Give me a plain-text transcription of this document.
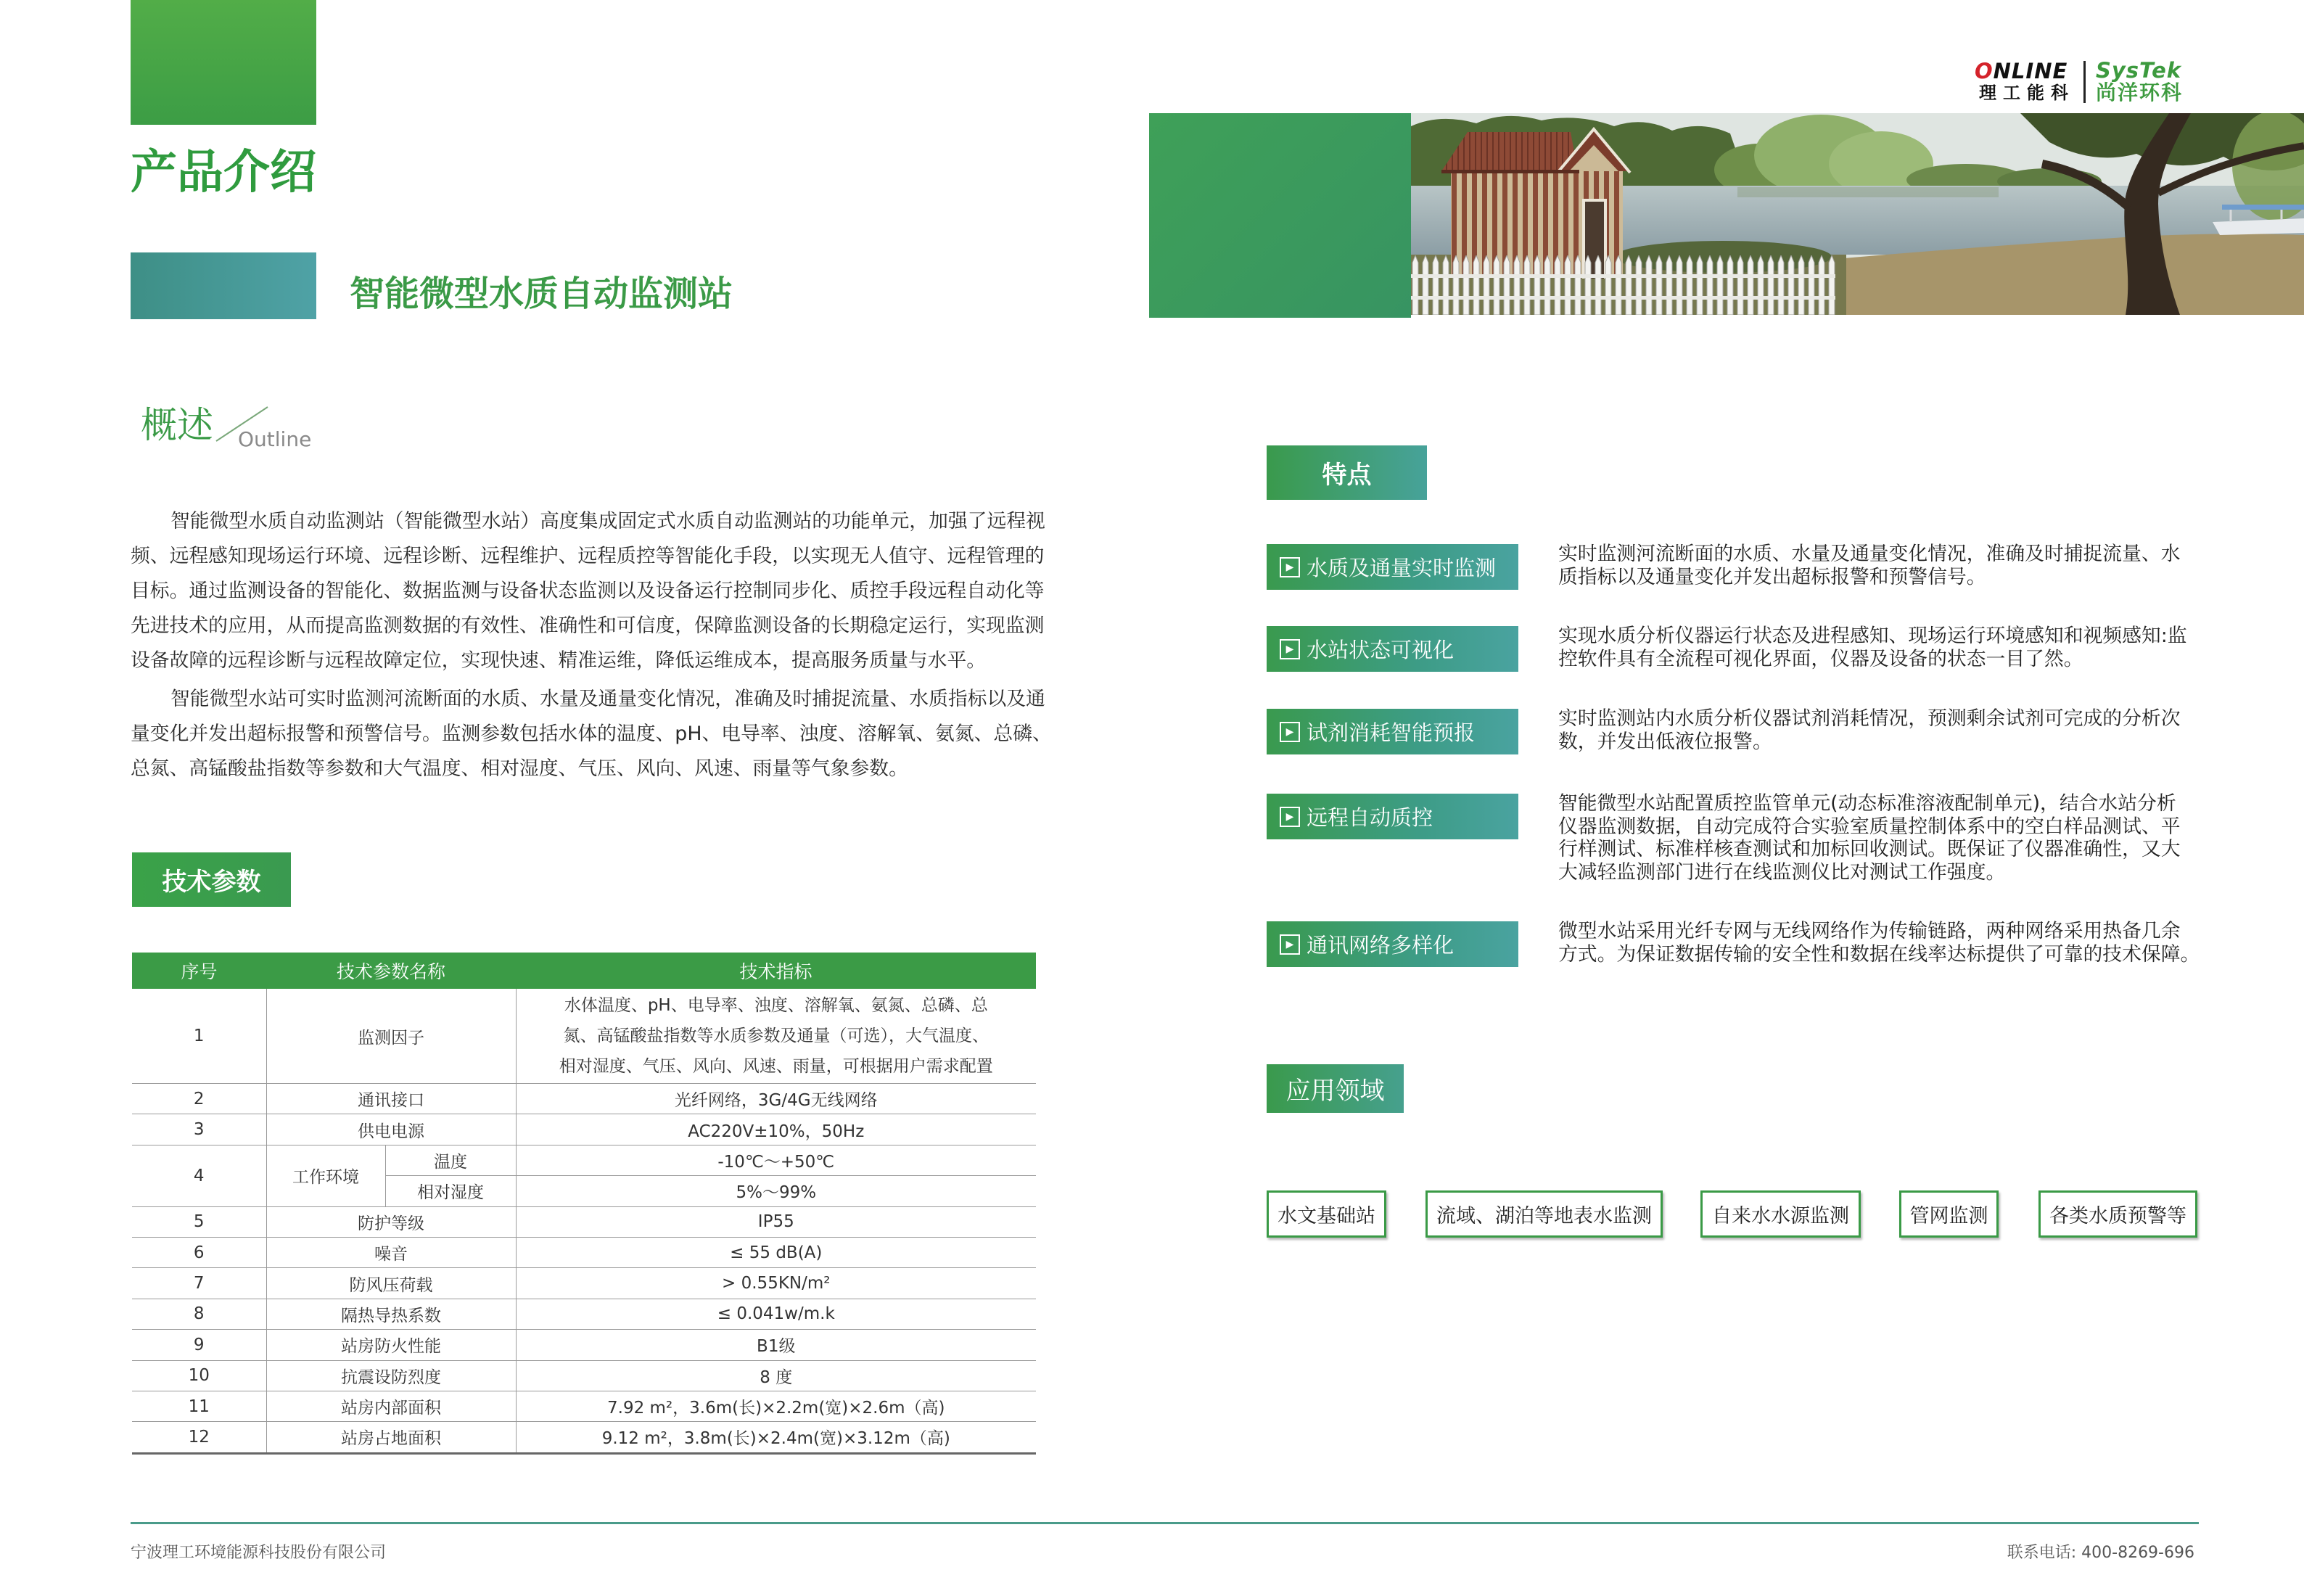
产品介绍
智能微型水质自动监测站
ONLINE
理工能科
SysTek
尚洋环科
概述 Outline
智能微型水质自动监测站（智能微型水站）高度集成固定式水质自动监测站的功能单元，加强了远程视
频、远程感知现场运行环境、远程诊断、远程维护、远程质控等智能化手段，以实现无人值守、远程管理的
目标。通过监测设备的智能化、数据监测与设备状态监测以及设备运行控制同步化、质控手段远程自动化等
先进技术的应用，从而提高监测数据的有效性、准确性和可信度，保障监测设备的长期稳定运行，实现监测
设备故障的远程诊断与远程故障定位，实现快速、精准运维，降低运维成本，提高服务质量与水平。
智能微型水站可实时监测河流断面的水质、水量及通量变化情况，准确及时捕捉流量、水质指标以及通
量变化并发出超标报警和预警信号。监测参数包括水体的温度、pH、电导率、浊度、溶解氧、氨氮、总磷、
总氮、高锰酸盐指数等参数和大气温度、相对湿度、气压、风向、风速、雨量等气象参数。
技术参数
序号	技术参数名称		技术指标
1	监测因子		水体温度、pH、电导率、浊度、溶解氧、氨氮、总磷、总
氮、高锰酸盐指数等水质参数及通量（可选），大气温度、
相对湿度、气压、风向、风速、雨量，可根据用户需求配置

2	通讯接口		光纤网络，3G/4G无线网络
3	供电电源		AC220V±10%，50Hz
4	工作环境	温度	-10℃～+50℃
		相对湿度	5%～99%
5	防护等级		IP55
6	噪音		≤ 55 dB(A)
7	防风压荷载		> 0.55KN/m²
8	隔热导热系数		≤ 0.041w/m.k
9	站房防火性能		B1级
10	抗震设防烈度		8 度
11	站房内部面积		7.92 m²，3.6m(长)×2.2m(宽)×2.6m（高)
12	站房占地面积		9.12 m²，3.8m(长)×2.4m(宽)×3.12m（高)
特点
▶ 水质及通量实时监测
实时监测河流断面的水质、水量及通量变化情况，准确及时捕捉流量、水
质指标以及通量变化并发出超标报警和预警信号。
▶ 水站状态可视化
实现水质分析仪器运行状态及进程感知、现场运行环境感知和视频感知:监
控软件具有全流程可视化界面，仪器及设备的状态一目了然。
▶ 试剂消耗智能预报
实时监测站内水质分析仪器试剂消耗情况，预测剩余试剂可完成的分析次
数，并发出低液位报警。
▶ 远程自动质控
智能微型水站配置质控监管单元(动态标准溶液配制单元)，结合水站分析
仪器监测数据，自动完成符合实验室质量控制体系中的空白样品测试、平
行样测试、标准样核查测试和加标回收测试。既保证了仪器准确性，又大
大减轻监测部门进行在线监测仪比对测试工作强度。
▶ 通讯网络多样化
微型水站采用光纤专网与无线网络作为传输链路，两种网络采用热备几余
方式。为保证数据传输的安全性和数据在线率达标提供了可靠的技术保障。
应用领域
水文基础站	流域、湖泊等地表水监测	自来水水源监测	管网监测	各类水质预警等
宁波理工环境能源科技股份有限公司	联系电话: 400-8269-696
